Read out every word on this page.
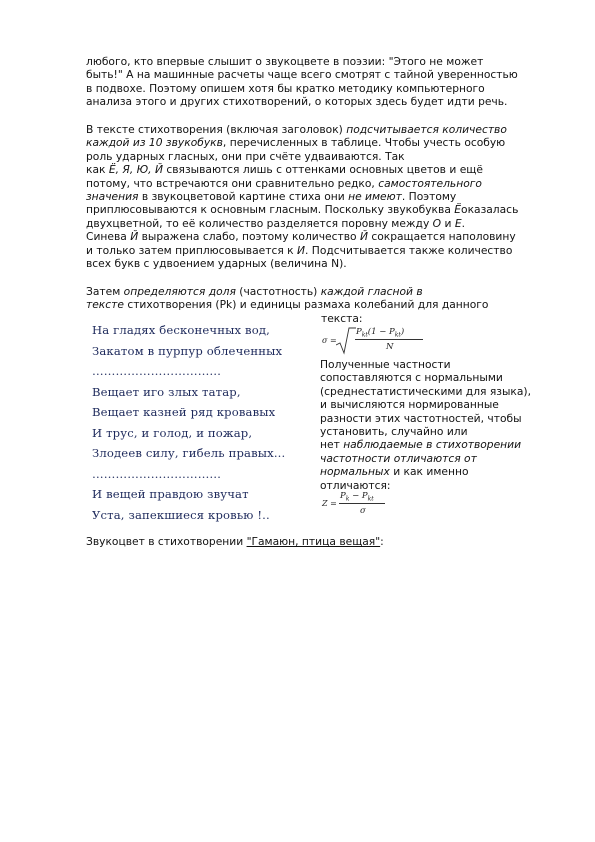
любого, кто впервые слышит о звукоцвете в поэзии: "Этого не может
быть!" А на машинные расчеты чаще всего смотрят с тайной уверенностью
в подвохе. Поэтому опишем хотя бы кратко методику компьютерного
анализа этого и других стихотворений, о которых здесь будет идти речь.

В тексте стихотворения (включая заголовок) подсчитывается количество
каждой из 10 звукобукв, перечисленных в таблице. Чтобы учесть особую
роль ударных гласных, они при счёте удваиваются. Так
как Ё, Я, Ю, Й связываются лишь с оттенками основных цветов и ещё
потому, что встречаются они сравнительно редко, самостоятельного
значения в звукоцветовой картине стиха они не имеют. Поэтому
приплюсовываются к основным гласным. Поскольку звукобуква Ёоказалась
двухцветной, то её количество разделяется поровну между О и Е.
Синева Й выражена слабо, поэтому количество Й сокращается наполовину
и только затем приплюсовывается к И. Подсчитывается также количество
всех букв с удвоением ударных (величина N).

Затем определяются доля (частотность) каждой гласной в
тексте стихотворения (Pk) и единицы размаха колебаний для данного
текста:

На гладях бесконечных вод,
Закатом в пурпур облеченных
……………………………
Вещает иго злых татар,
Вещает казней ряд кровавых
И трус, и голод, и пожар,
Злодеев силу, гибель правых...
……………………………
И вещей правдою звучат
Уста, запекшиеся кровью !..
σ =
$P_{kt}(1 - P_{kt})$
N

Полученные частности
сопоставляются с нормальными
(среднестатистическими для языка),
и вычисляются нормированные
разности этих частотностей, чтобы
установить, случайно или
нет наблюдаемые в стихотворении
частотности отличаются от
нормальных и как именно
отличаются:

Z =
$P_k - P_{kt}$
σ

Звукоцвет в стихотворении "Гамаюн, птица вещая":
